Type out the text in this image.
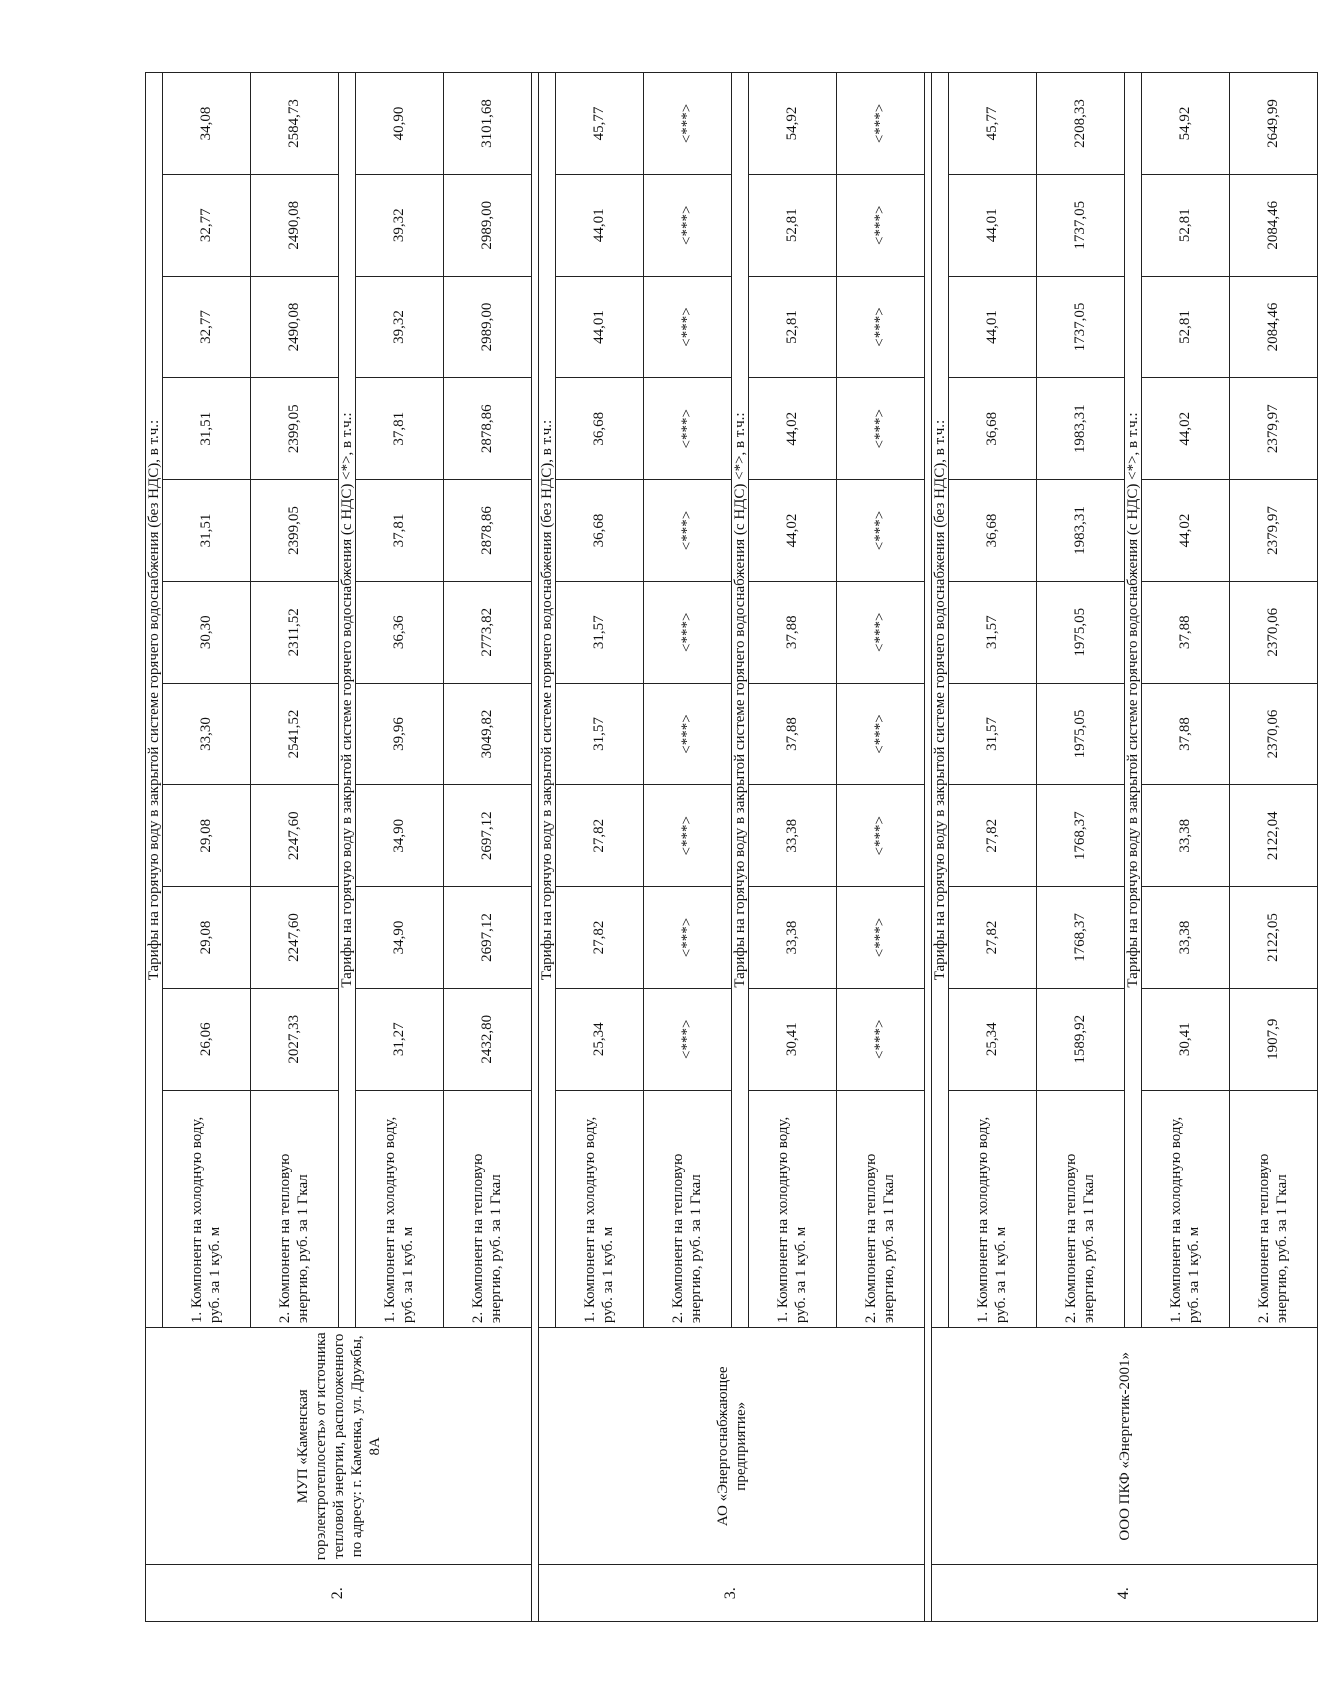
2.	МУП «Каменская горэлектротеплосеть» от источника тепловой энергии, расположенного по адресу: г. Каменка, ул. Дружбы, 8А	Тарифы на горячую воду в закрытой системе горячего водоснабжения (без НДС), в т.ч.:										
		1. Компонент на холодную воду, руб. за 1 куб. м	26,06	29,08	29,08	33,30	30,30	31,51	31,51	32,77	32,77	34,08
		2. Компонент на тепловую энергию, руб. за 1 Гкал	2027,33	2247,60	2247,60	2541,52	2311,52	2399,05	2399,05	2490,08	2490,08	2584,73
		Тарифы на горячую воду в закрытой системе горячего водоснабжения (с НДС) <*>, в т.ч.:										
		1. Компонент на холодную воду, руб. за 1 куб. м	31,27	34,90	34,90	39,96	36,36	37,81	37,81	39,32	39,32	40,90
		2. Компонент на тепловую энергию, руб. за 1 Гкал	2432,80	2697,12	2697,12	3049,82	2773,82	2878,86	2878,86	2989,00	2989,00	3101,68

3.	АО «Энергоснабжающее предприятие»	Тарифы на горячую воду в закрытой системе горячего водоснабжения (без НДС), в т.ч.:										
		1. Компонент на холодную воду, руб. за 1 куб. м	25,34	27,82	27,82	31,57	31,57	36,68	36,68	44,01	44,01	45,77
		2. Компонент на тепловую энергию, руб. за 1 Гкал	<***>	<***>	<***>	<***>	<***>	<***>	<***>	<***>	<***>	<***>
		Тарифы на горячую воду в закрытой системе горячего водоснабжения (с НДС) <*>, в т.ч.:										
		1. Компонент на холодную воду, руб. за 1 куб. м	30,41	33,38	33,38	37,88	37,88	44,02	44,02	52,81	52,81	54,92
		2. Компонент на тепловую энергию, руб. за 1 Гкал	<***>	<***>	<***>	<***>	<***>	<***>	<***>	<***>	<***>	<***>

4.	ООО ПКФ «Энергетик-2001»	Тарифы на горячую воду в закрытой системе горячего водоснабжения (без НДС), в т.ч.:										
		1. Компонент на холодную воду, руб. за 1 куб. м	25,34	27,82	27,82	31,57	31,57	36,68	36,68	44,01	44,01	45,77
		2. Компонент на тепловую энергию, руб. за 1 Гкал	1589,92	1768,37	1768,37	1975,05	1975,05	1983,31	1983,31	1737,05	1737,05	2208,33
		Тарифы на горячую воду в закрытой системе горячего водоснабжения (с НДС) <*>, в т.ч.:										
		1. Компонент на холодную воду, руб. за 1 куб. м	30,41	33,38	33,38	37,88	37,88	44,02	44,02	52,81	52,81	54,92
		2. Компонент на тепловую энергию, руб. за 1 Гкал	1907,9	2122,05	2122,04	2370,06	2370,06	2379,97	2379,97	2084,46	2084,46	2649,99
